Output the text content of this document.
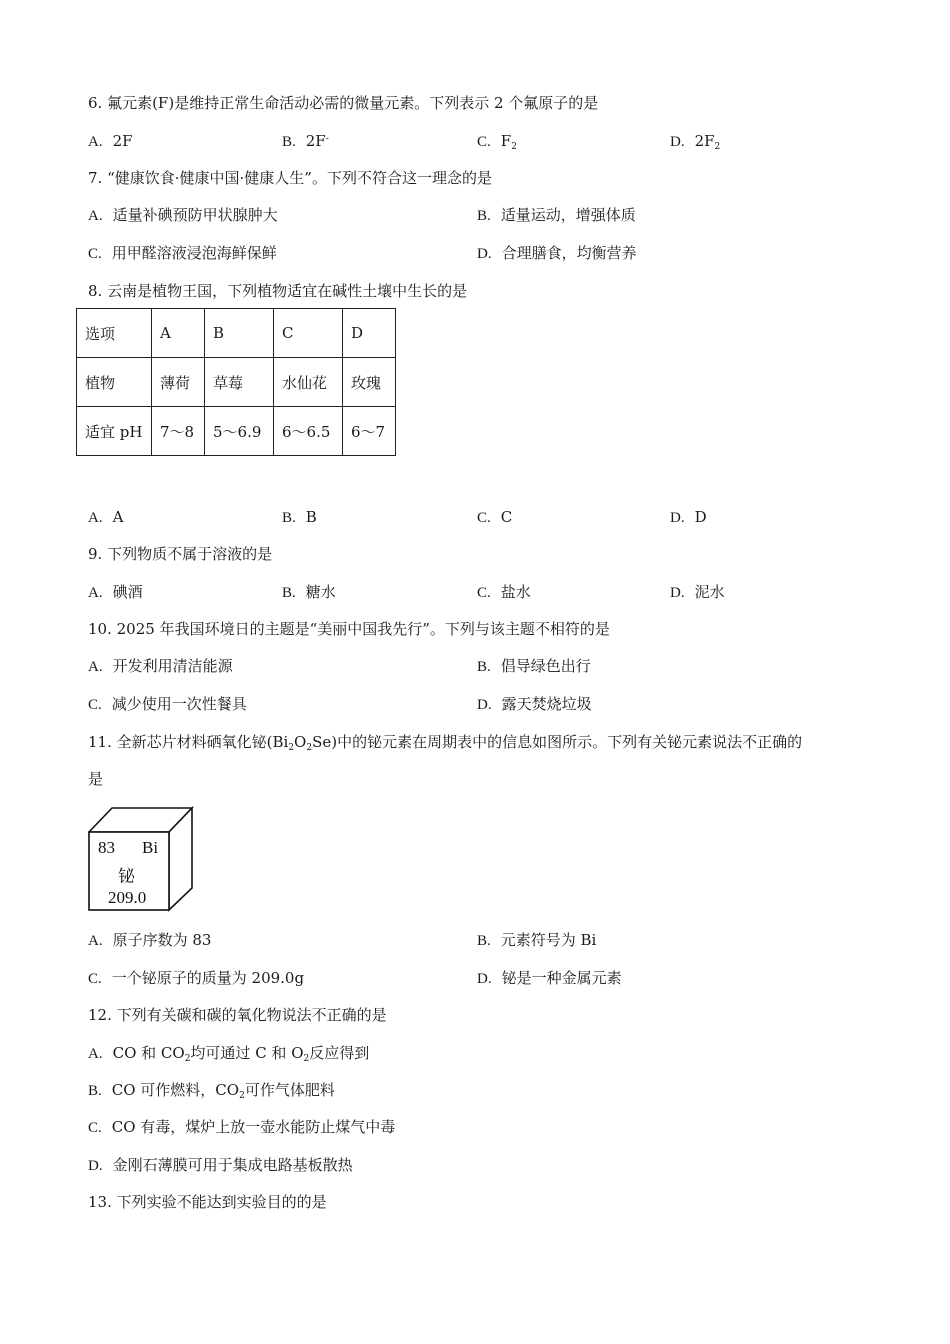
6. 氟元素(F)是维持正常生命活动必需的微量元素。下列表示 2 个氟原子的是
A. 2F	B. 2F-	C. $F_2$	D. $2F_2$
7. “健康饮食·健康中国·健康人生”。下列不符合这一理念的是
A. 适量补碘预防甲状腺肿大	B. 适量运动，增强体质
C. 用甲醛溶液浸泡海鲜保鲜	D. 合理膳食，均衡营养
8. 云南是植物王国，下列植物适宜在碱性土壤中生长的是
选项	A	B	C	D
植物	薄荷	草莓	水仙花	玫瑰
适宜 pH	7～8	5～6.9	6～6.5	6～7
A. A	B. B	C. C	D. D
9. 下列物质不属于溶液的是
A. 碘酒	B. 糖水	C. 盐水	D. 泥水
10. 2025 年我国环境日的主题是“美丽中国我先行”。下列与该主题不相符的是
A. 开发利用清洁能源	B. 倡导绿色出行
C. 减少使用一次性餐具	D. 露天焚烧垃圾
11. 全新芯片材料硒氧化铋$(Bi_2O_2Se)$中的铋元素在周期表中的信息如图所示。下列有关铋元素说法不正确的
是
83 Bi
铋
209.0
A. 原子序数为 83	B. 元素符号为 Bi
C. 一个铋原子的质量为 209.0g	D. 铋是一种金属元素
12. 下列有关碳和碳的氧化物说法不正确的是
A. CO 和 $CO_2$均可通过 C 和 $O_2$反应得到
B. CO 可作燃料，$CO_2$可作气体肥料
C. CO 有毒，煤炉上放一壶水能防止煤气中毒
D. 金刚石薄膜可用于集成电路基板散热
13. 下列实验不能达到实验目的的是
